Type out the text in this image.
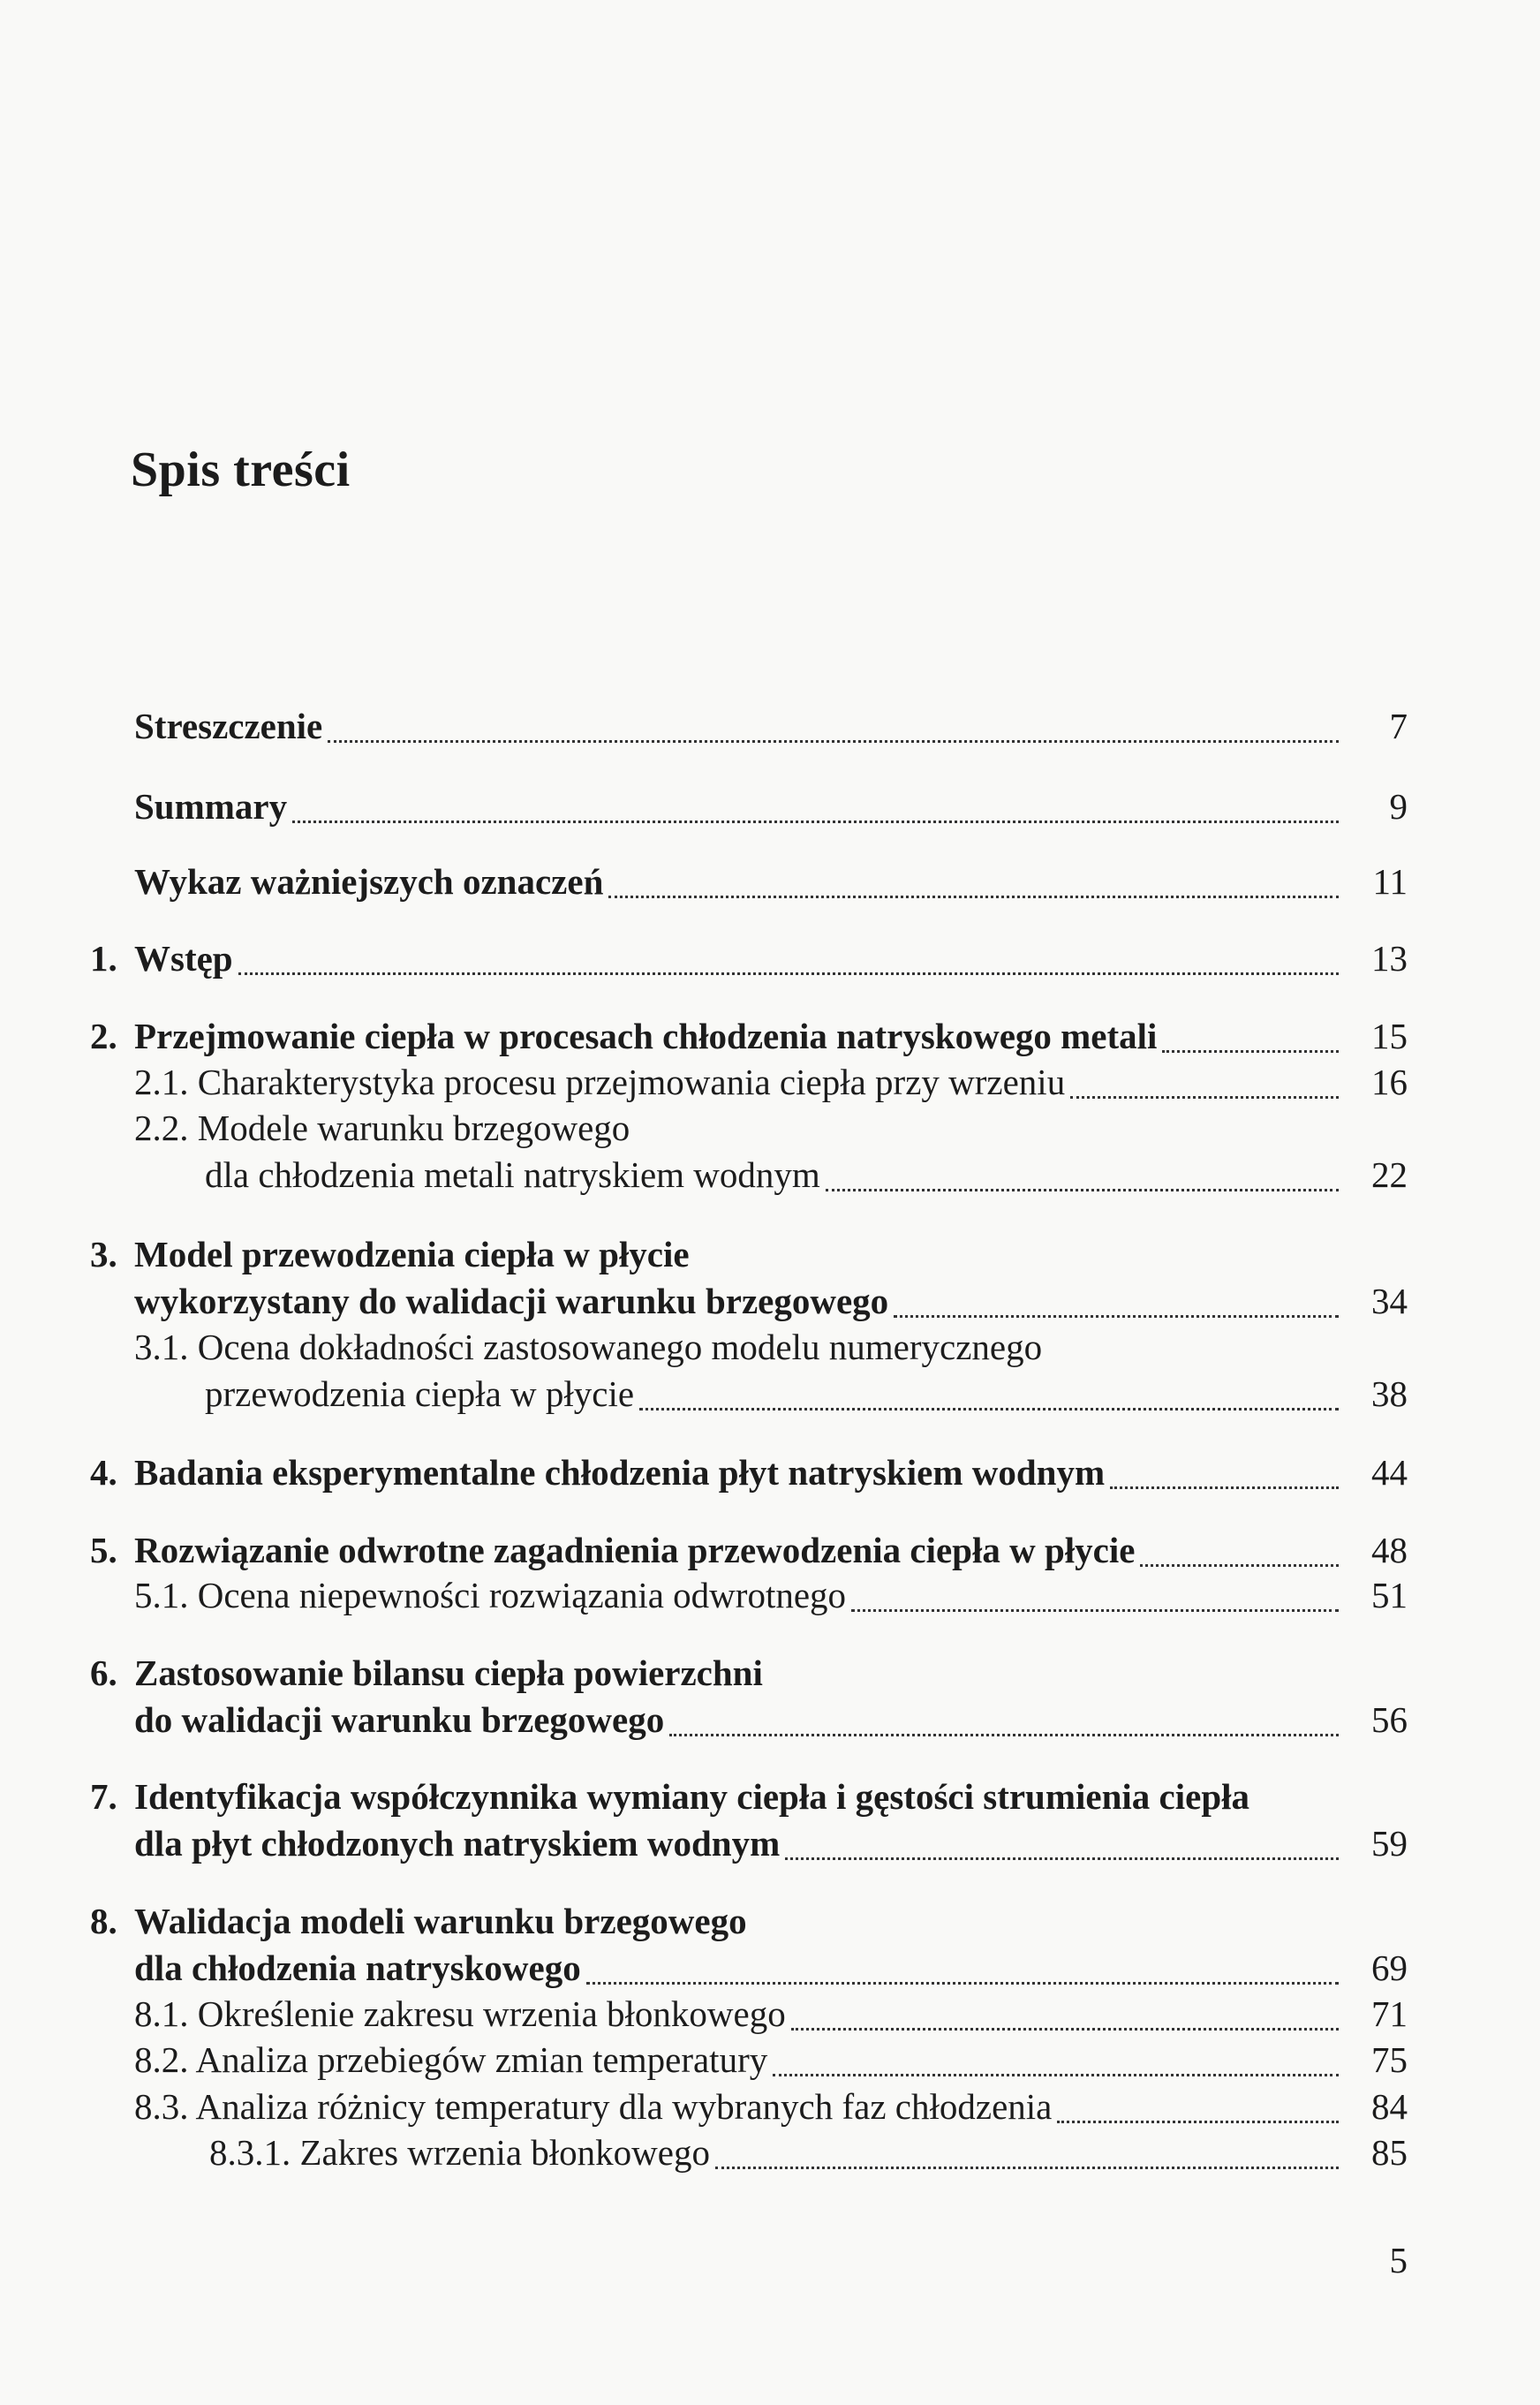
Spis treści
Streszczenie	7
Summary	9
Wykaz ważniejszych oznaczeń	11
1. Wstęp	13
2. Przejmowanie ciepła w procesach chłodzenia natryskowego metali	15
2.1. Charakterystyka procesu przejmowania ciepła przy wrzeniu	16
2.2. Modele warunku brzegowego
dla chłodzenia metali natryskiem wodnym	22
3. Model przewodzenia ciepła w płycie
wykorzystany do walidacji warunku brzegowego	34
3.1. Ocena dokładności zastosowanego modelu numerycznego
przewodzenia ciepła w płycie	38
4. Badania eksperymentalne chłodzenia płyt natryskiem wodnym	44
5. Rozwiązanie odwrotne zagadnienia przewodzenia ciepła w płycie	48
5.1. Ocena niepewności rozwiązania odwrotnego	51
6. Zastosowanie bilansu ciepła powierzchni
do walidacji warunku brzegowego	56
7. Identyfikacja współczynnika wymiany ciepła i gęstości strumienia ciepła
dla płyt chłodzonych natryskiem wodnym	59
8. Walidacja modeli warunku brzegowego
dla chłodzenia natryskowego	69
8.1. Określenie zakresu wrzenia błonkowego	71
8.2. Analiza przebiegów zmian temperatury	75
8.3. Analiza różnicy temperatury dla wybranych faz chłodzenia	84
8.3.1. Zakres wrzenia błonkowego	85
5
